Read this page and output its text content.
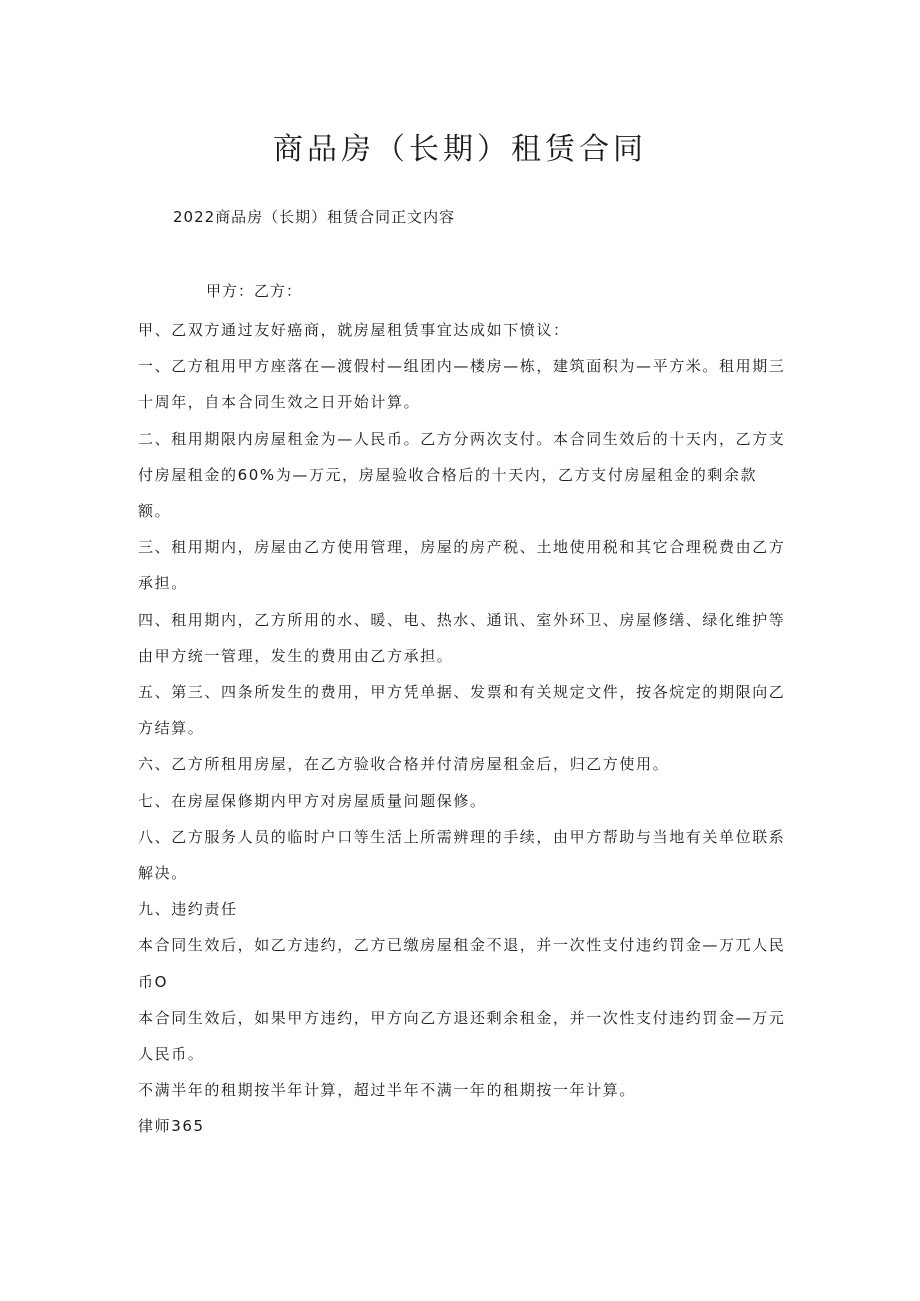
商品房（长期）租赁合同
2022商品房（长期）租赁合同正文内容
甲方：乙方：

甲、乙双方通过友好癌商，就房屋租赁事宜达成如下愤议：

一、乙方租用甲方座落在—渡假村—组团内—楼房—栋，建筑面积为—平方米。租用期三十周年，自本合同生效之日开始计算。

二、租用期限内房屋租金为—人民币。乙方分两次支付。本合同生效后的十天内，乙方支付房屋租金的60%为—万元，房屋验收合格后的十天内，乙方支付房屋租金的剩余款额。

三、租用期内，房屋由乙方使用管理，房屋的房产税、土地使用税和其它合理税费由乙方承担。

四、租用期内，乙方所用的水、暖、电、热水、通讯、室外环卫、房屋修缮、绿化维护等由甲方统一管理，发生的费用由乙方承担。

五、第三、四条所发生的费用，甲方凭单据、发票和有关规定文件，按各烷定的期限向乙方结算。

六、乙方所租用房屋，在乙方验收合格并付清房屋租金后，归乙方使用。

七、在房屋保修期内甲方对房屋质量问题保修。

八、乙方服务人员的临时户口等生活上所需辨理的手续，由甲方帮助与当地有关单位联系解决。

九、违约责任

本合同生效后，如乙方违约，乙方已缴房屋租金不退，并一次性支付违约罚金—万兀人民币O

本合同生效后，如果甲方违约，甲方向乙方退还剩余租金，并一次性支付违约罚金—万元人民币。

不满半年的租期按半年计算，超过半年不满一年的租期按一年计算。

律师365
